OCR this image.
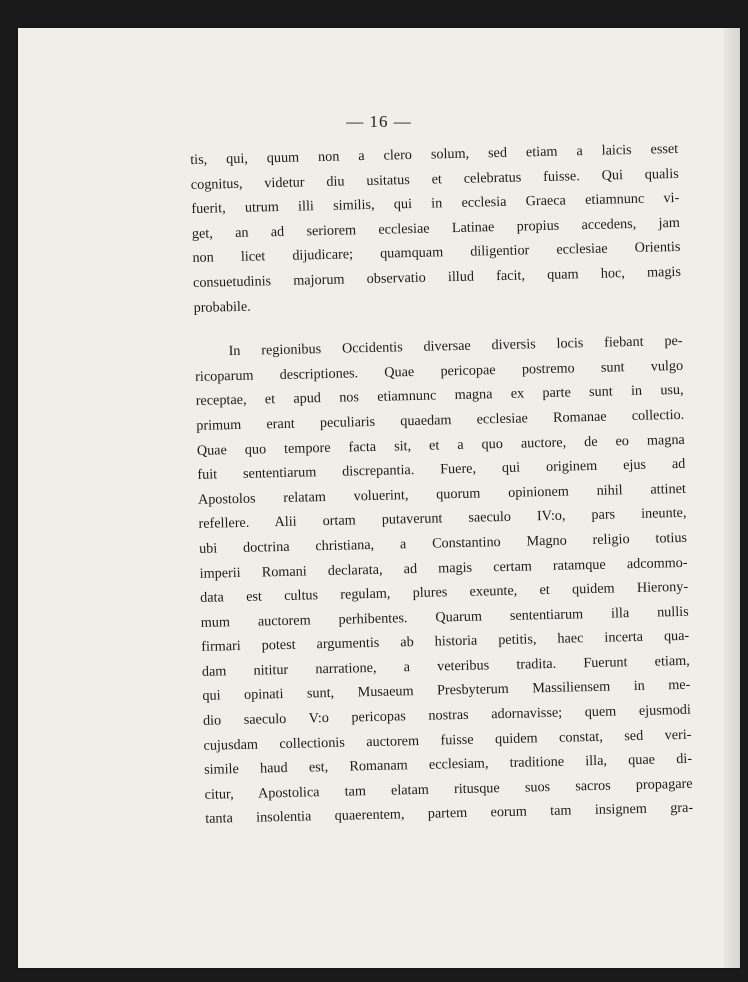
— 16 —

tis, qui, quum non a clero solum, sed etiam a laicis esset
cognitus, videtur diu usitatus et celebratus fuisse. Qui qualis
fuerit, utrum illi similis, qui in ecclesia Graeca etiamnunc vi-
get, an ad seriorem ecclesiae Latinae propius accedens, jam
non licet dijudicare; quamquam diligentior ecclesiae Orientis
consuetudinis majorum observatio illud facit, quam hoc, magis
probabile.

In regionibus Occidentis diversae diversis locis fiebant pe-
ricoparum descriptiones. Quae pericopae postremo sunt vulgo
receptae, et apud nos etiamnunc magna ex parte sunt in usu,
primum erant peculiaris quaedam ecclesiae Romanae collectio.
Quae quo tempore facta sit, et a quo auctore, de eo magna
fuit sententiarum discrepantia. Fuere, qui originem ejus ad
Apostolos relatam voluerint, quorum opinionem nihil attinet
refellere. Alii ortam putaverunt saeculo IV:o, pars ineunte,
ubi doctrina christiana, a Constantino Magno religio totius
imperii Romani declarata, ad magis certam ratamque adcommo-
data est cultus regulam, plures exeunte, et quidem Hierony-
mum auctorem perhibentes. Quarum sententiarum illa nullis
firmari potest argumentis ab historia petitis, haec incerta qua-
dam nititur narratione, a veteribus tradita. Fuerunt etiam,
qui opinati sunt, Musaeum Presbyterum Massiliensem in me-
dio saeculo V:o pericopas nostras adornavisse; quem ejusmodi
cujusdam collectionis auctorem fuisse quidem constat, sed veri-
simile haud est, Romanam ecclesiam, traditione illa, quae di-
citur, Apostolica tam elatam ritusque suos sacros propagare
tanta insolentia quaerentem, partem eorum tam insignem gra-
